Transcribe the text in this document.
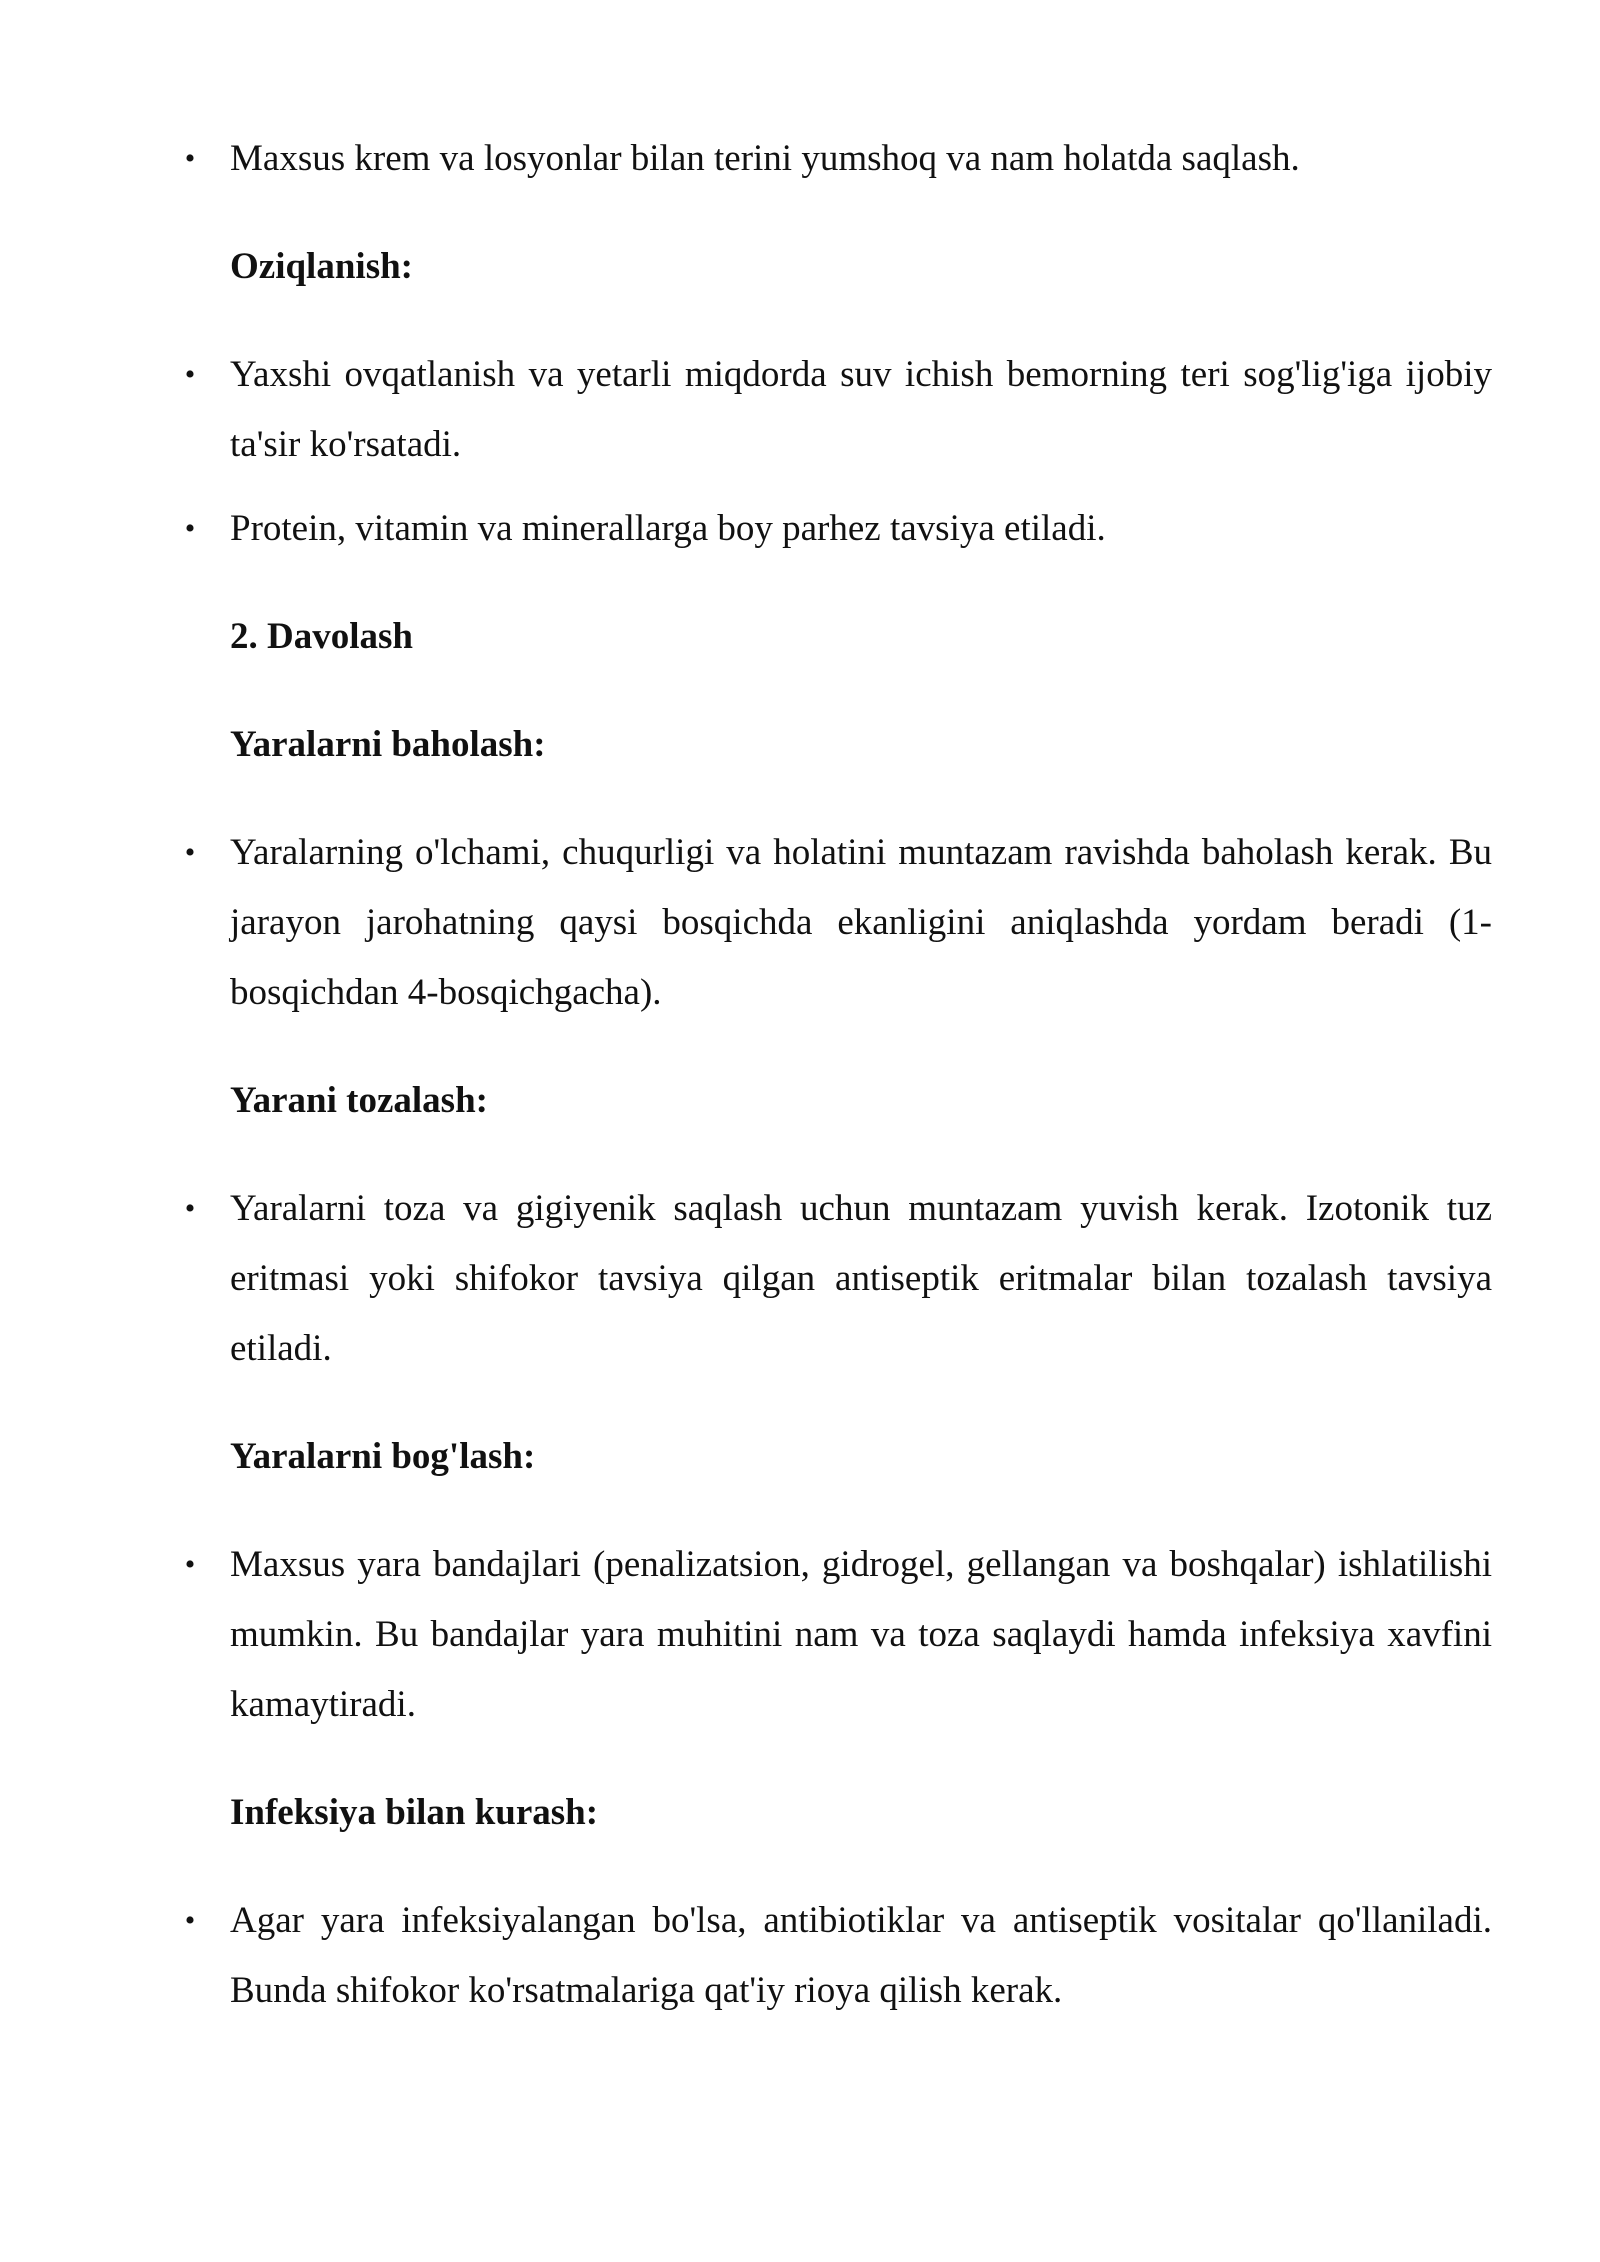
• Maxsus krem va losyonlar bilan terini yumshoq va nam holatda saqlash.

Oziqlanish:

• Yaxshi ovqatlanish va yetarli miqdorda suv ichish bemorning teri sog'lig'iga ijobiy ta'sir ko'rsatadi.

• Protein, vitamin va minerallarga boy parhez tavsiya etiladi.

2. Davolash

Yaralarni baholash:

• Yaralarning o'lchami, chuqurligi va holatini muntazam ravishda baholash kerak. Bu jarayon jarohatning qaysi bosqichda ekanligini aniqlashda yordam beradi (1-bosqichdan 4-bosqichgacha).

Yarani tozalash:

• Yaralarni toza va gigiyenik saqlash uchun muntazam yuvish kerak. Izotonik tuz eritmasi yoki shifokor tavsiya qilgan antiseptik eritmalar bilan tozalash tavsiya etiladi.

Yaralarni bog'lash:

• Maxsus yara bandajlari (penalizatsion, gidrogel, gellangan va boshqalar) ishlatilishi mumkin. Bu bandajlar yara muhitini nam va toza saqlaydi hamda infeksiya xavfini kamaytiradi.

Infeksiya bilan kurash:

• Agar yara infeksiyalangan bo'lsa, antibiotiklar va antiseptik vositalar qo'llaniladi. Bunda shifokor ko'rsatmalariga qat'iy rioya qilish kerak.
